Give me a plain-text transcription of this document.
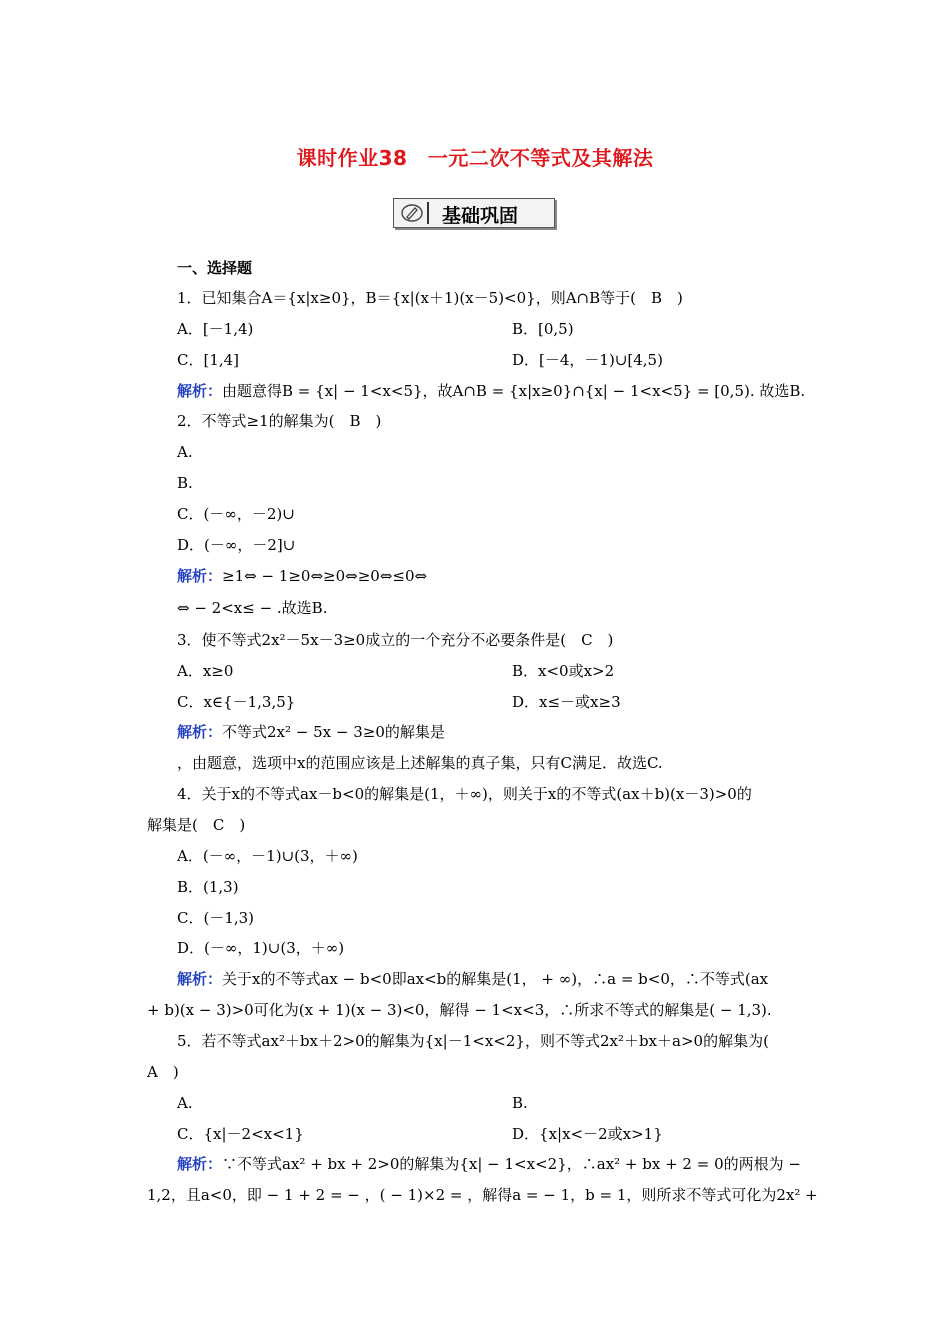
课时作业38　一元二次不等式及其解法
基础巩固
一、选择题
1．已知集合A＝{x|x≥0}，B＝{x|(x＋1)(x－5)<0}，则A∩B等于(　B　)
A．[－1,4)	B．[0,5)
C．[1,4]	D．[－4，－1)∪[4,5)
解析：由题意得B = {x| − 1<x<5}，故A∩B = {x|x≥0}∩{x| − 1<x<5} = [0,5). 故选B.
2．不等式≥1的解集为(　B　)
A.
B.
C．(－∞，－2)∪
D．(－∞，－2]∪
解析：≥1⇔ − 1≥0⇔≥0⇔≥0⇔≤0⇔
⇔ − 2<x≤ − .故选B.
3．使不等式2x²－5x－3≥0成立的一个充分不必要条件是(　C　)
A．x≥0	B．x<0或x>2
C．x∈{－1,3,5}	D．x≤－或x≥3
解析：不等式2x² − 5x − 3≥0的解集是
，由题意，选项中x的范围应该是上述解集的真子集，只有C满足．故选C.
4．关于x的不等式ax－b<0的解集是(1，＋∞)，则关于x的不等式(ax＋b)(x－3)>0的
解集是(　C　)
A．(－∞，－1)∪(3，＋∞)
B．(1,3)
C．(－1,3)
D．(－∞，1)∪(3，＋∞)
解析：关于x的不等式ax − b<0即ax<b的解集是(1， + ∞)，∴a = b<0，∴不等式(ax
+ b)(x − 3)>0可化为(x + 1)(x − 3)<0，解得 − 1<x<3，∴所求不等式的解集是( − 1,3).
5．若不等式ax²＋bx＋2>0的解集为{x|－1<x<2}，则不等式2x²＋bx＋a>0的解集为(
A　)
A.	B.
C．{x|－2<x<1}	D．{x|x<－2或x>1}
解析：∵不等式ax² + bx + 2>0的解集为{x| − 1<x<2}，∴ax² + bx + 2 = 0的两根为 −
1,2，且a<0，即 − 1 + 2 = − ，( − 1)×2 = ，解得a = − 1，b = 1，则所求不等式可化为2x² +
